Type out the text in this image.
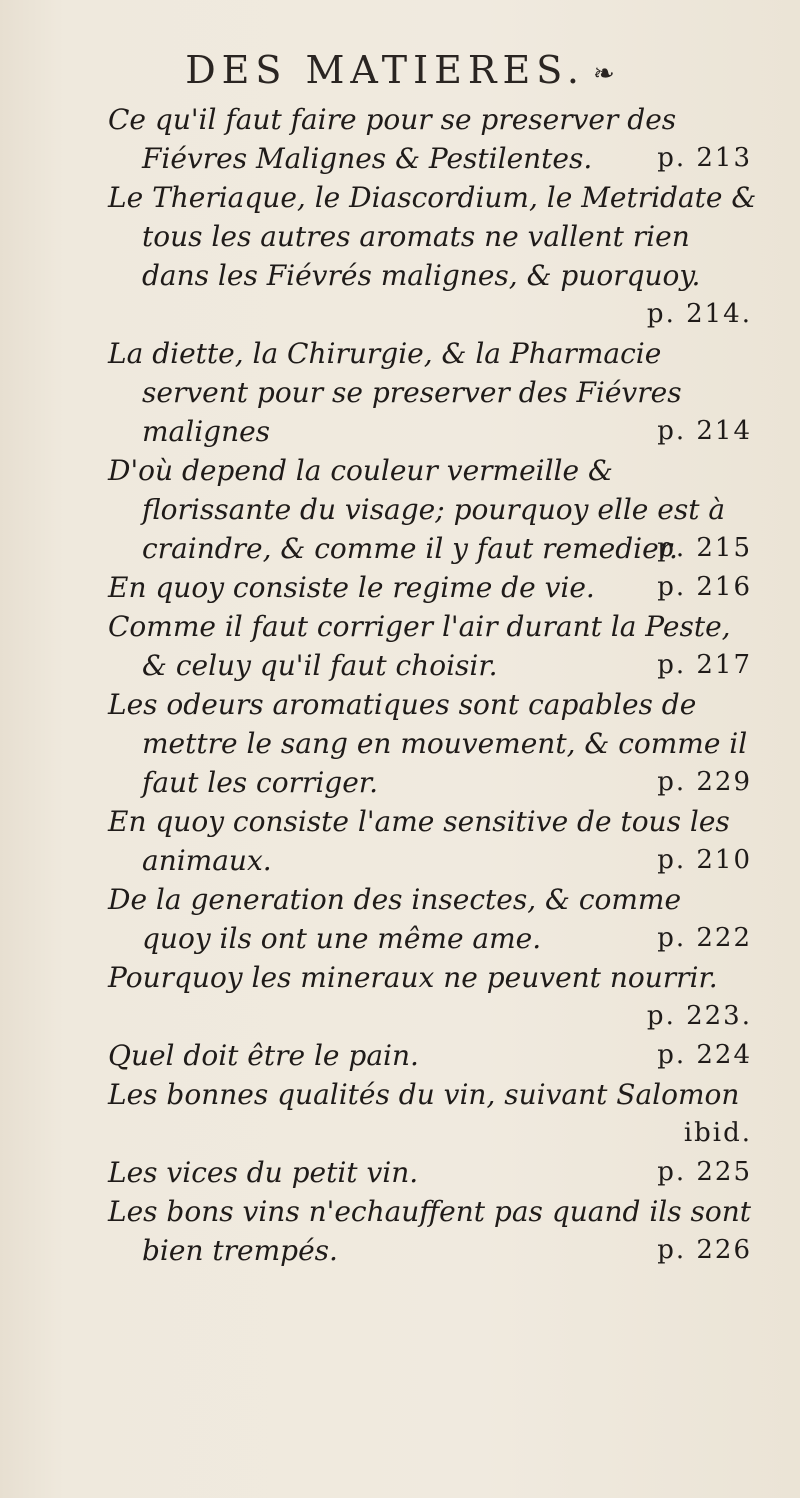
DES MATIERES. ❧

Ce qu'il faut faire pour se preserver des Fiévres Malignes & Pestilentes. p. 213

Le Theriaque, le Diascordium, le Metridate & tous les autres aromats ne vallent rien dans les Fiévrés malignes, & puorquoy.
p. 214.

La diette, la Chirurgie, & la Pharmacie servent pour se preserver des Fiévres malignes	p. 214

D'où depend la couleur vermeille & florissante du visage; pourquoy elle est à craindre, & comme il y faut remedier.
p. 215

En quoy consiste le regime de vie. p. 216

Comme il faut corriger l'air durant la Peste, & celuy qu'il faut choisir.	p. 217

Les odeurs aromatiques sont capables de mettre le sang en mouvement, & comme il faut les corriger.	p. 229

En quoy consiste l'ame sensitive de tous les animaux.	p. 210

De la generation des insectes, & comme quoy ils ont une même ame.	p. 222

Pourquoy les mineraux ne peuvent nourrir.
p. 223.

Quel doit être le pain.	p. 224

Les bonnes qualités du vin, suivant Salomon
ibid.

Les vices du petit vin.	p. 225

Les bons vins n'echauffent pas quand ils sont bien trempés.	p. 226
